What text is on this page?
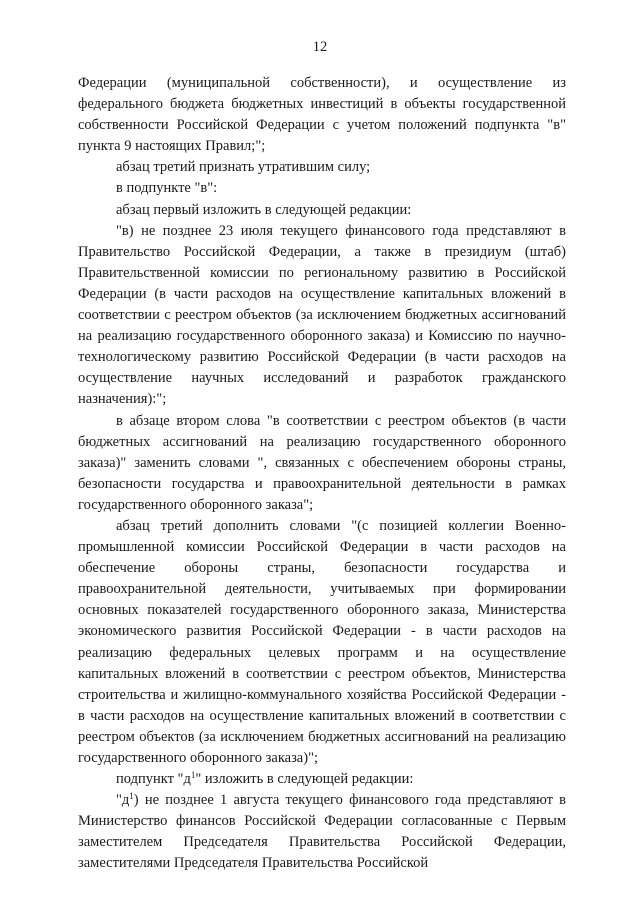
12

Федерации (муниципальной собственности), и осуществление из федерального бюджета бюджетных инвестиций в объекты государственной собственности Российской Федерации с учетом положений подпункта "в" пункта 9 настоящих Правил;";

абзац третий признать утратившим силу;

в подпункте "в":

абзац первый изложить в следующей редакции:

"в) не позднее 23 июля текущего финансового года представляют в Правительство Российской Федерации, а также в президиум (штаб) Правительственной комиссии по региональному развитию в Российской Федерации (в части расходов на осуществление капитальных вложений в соответствии с реестром объектов (за исключением бюджетных ассигнований на реализацию государственного оборонного заказа) и Комиссию по научно-технологическому развитию Российской Федерации (в части расходов на осуществление научных исследований и разработок гражданского назначения):";

в абзаце втором слова "в соответствии с реестром объектов (в части бюджетных ассигнований на реализацию государственного оборонного заказа)" заменить словами ", связанных с обеспечением обороны страны, безопасности государства и правоохранительной деятельности в рамках государственного оборонного заказа";

абзац третий дополнить словами "(с позицией коллегии Военно-промышленной комиссии Российской Федерации в части расходов на обеспечение обороны страны, безопасности государства и правоохранительной деятельности, учитываемых при формировании основных показателей государственного оборонного заказа, Министерства экономического развития Российской Федерации - в части расходов на реализацию федеральных целевых программ и на осуществление капитальных вложений в соответствии с реестром объектов, Министерства строительства и жилищно-коммунального хозяйства Российской Федерации - в части расходов на осуществление капитальных вложений в соответствии с реестром объектов (за исключением бюджетных ассигнований на реализацию государственного оборонного заказа)";

подпункт "$д^1$" изложить в следующей редакции:

"$д^1$) не позднее 1 августа текущего финансового года представляют в Министерство финансов Российской Федерации согласованные с Первым заместителем Председателя Правительства Российской Федерации, заместителями Председателя Правительства Российской
